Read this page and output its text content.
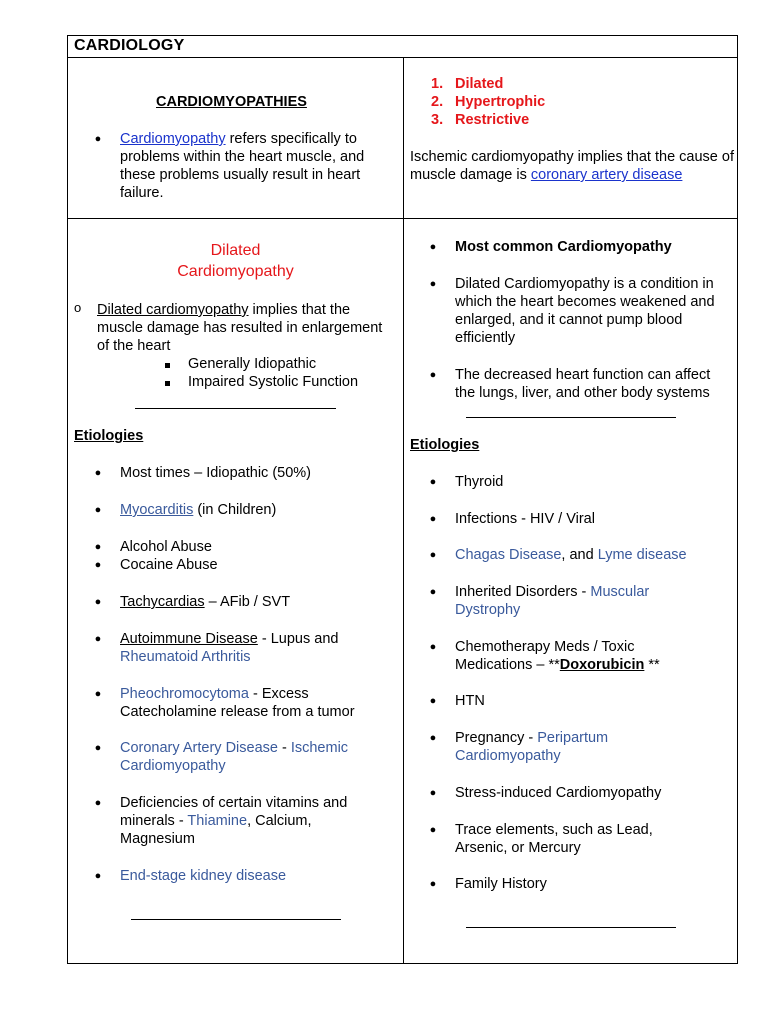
CARDIOLOGY
CARDIOMYOPATHIES
● Cardiomyopathy refers specifically to problems within the heart muscle, and these problems usually result in heart failure.
1. Dilated
2. Hypertrophic
3. Restrictive
Ischemic cardiomyopathy implies that the cause of muscle damage is coronary artery disease
Dilated
Cardiomyopathy
o Dilated cardiomyopathy implies that the muscle damage has resulted in enlargement of the heart
Generally Idiopathic
Impaired Systolic Function
Etiologies
● Most times – Idiopathic (50%)
● Myocarditis (in Children)
● Alcohol Abuse
● Cocaine Abuse
● Tachycardias – AFib / SVT
● Autoimmune Disease - Lupus and
Rheumatoid Arthritis
● Pheochromocytoma - Excess Catecholamine release from a tumor
● Coronary Artery Disease - Ischemic Cardiomyopathy
● Deficiencies of certain vitamins and minerals - Thiamine, Calcium, Magnesium
● End-stage kidney disease
● Most common Cardiomyopathy
● Dilated Cardiomyopathy is a condition in which the heart becomes weakened and enlarged, and it cannot pump blood efficiently
● The decreased heart function can affect the lungs, liver, and other body systems
Etiologies
● Thyroid
● Infections - HIV / Viral
● Chagas Disease, and Lyme disease
● Inherited Disorders - Muscular
Dystrophy
● Chemotherapy Meds / Toxic
Medications – **Doxorubicin **
● HTN
● Pregnancy - Peripartum
Cardiomyopathy
● Stress-induced Cardiomyopathy
● Trace elements, such as Lead, Arsenic, or Mercury
● Family History
